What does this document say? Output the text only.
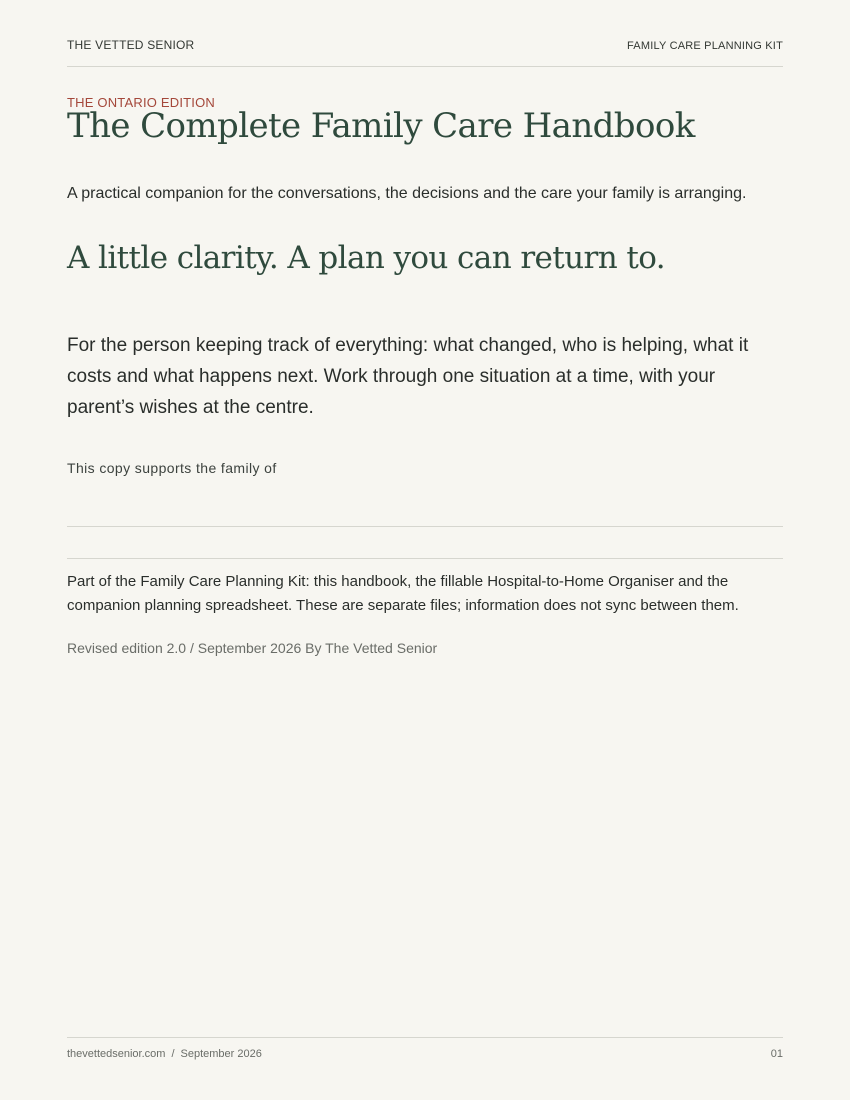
THE VETTED SENIOR	FAMILY CARE PLANNING KIT
THE ONTARIO EDITION
The Complete Family Care Handbook

A practical companion for the conversations, the decisions and the care your family is arranging.

A little clarity. A plan you can return to.

For the person keeping track of everything: what changed, who is helping, what it costs and what happens next. Work through one situation at a time, with your parent’s wishes at the centre.

This copy supports the family of

Part of the Family Care Planning Kit: this handbook, the fillable Hospital-to-Home Organiser and the companion planning spreadsheet. These are separate files; information does not sync between them.

Revised edition 2.0 / September 2026 By The Vetted Senior
thevettedsenior.com / September 2026	01
